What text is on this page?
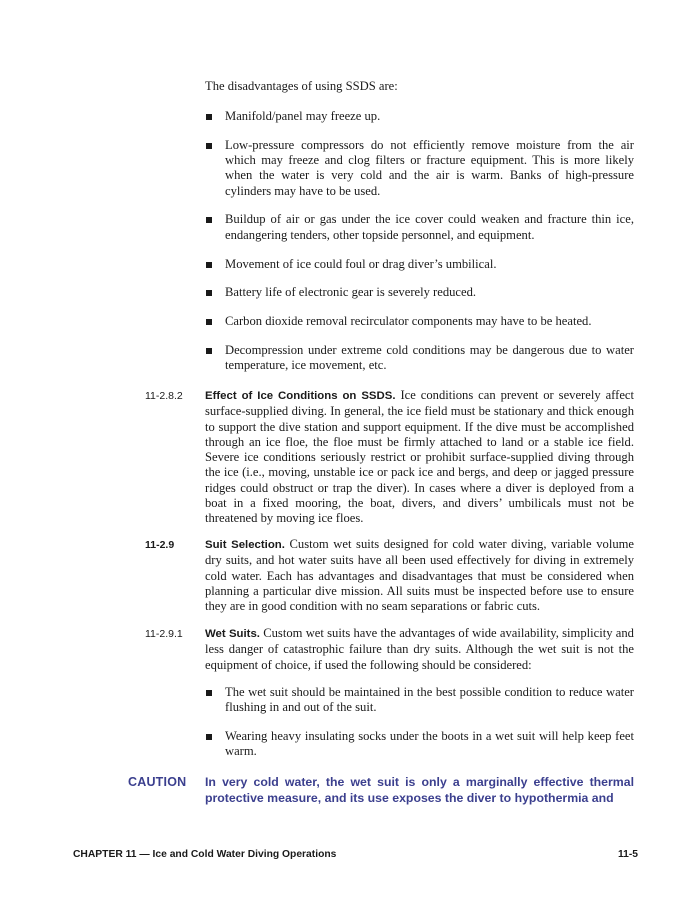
The disadvantages of using SSDS are:
Manifold/panel may freeze up.
Low-pressure compressors do not efficiently remove moisture from the air which may freeze and clog filters or fracture equipment. This is more likely when the water is very cold and the air is warm. Banks of high-pressure cylinders may have to be used.
Buildup of air or gas under the ice cover could weaken and fracture thin ice, endangering tenders, other topside personnel, and equipment.
Movement of ice could foul or drag diver’s umbilical.
Battery life of electronic gear is severely reduced.
Carbon dioxide removal recirculator components may have to be heated.
Decompression under extreme cold conditions may be dangerous due to water temperature, ice movement, etc.
11-2.8.2	Effect of Ice Conditions on SSDS. Ice conditions can prevent or severely affect surface-supplied diving. In general, the ice field must be stationary and thick enough to support the dive station and support equipment. If the dive must be accomplished through an ice floe, the floe must be firmly attached to land or a stable ice field. Severe ice conditions seriously restrict or prohibit surface-supplied diving through the ice (i.e., moving, unstable ice or pack ice and bergs, and deep or jagged pressure ridges could obstruct or trap the diver). In cases where a diver is deployed from a boat in a fixed mooring, the boat, divers, and divers’ umbilicals must not be threatened by moving ice floes.
11-2.9	Suit Selection. Custom wet suits designed for cold water diving, variable volume dry suits, and hot water suits have all been used effectively for diving in extremely cold water. Each has advantages and disadvantages that must be considered when planning a particular dive mission. All suits must be inspected before use to ensure they are in good condition with no seam separations or fabric cuts.
11-2.9.1	Wet Suits. Custom wet suits have the advantages of wide availability, simplicity and less danger of catastrophic failure than dry suits. Although the wet suit is not the equipment of choice, if used the following should be considered:
The wet suit should be maintained in the best possible condition to reduce water flushing in and out of the suit.
Wearing heavy insulating socks under the boots in a wet suit will help keep feet warm.
CAUTION In very cold water, the wet suit is only a marginally effective thermal protective measure, and its use exposes the diver to hypothermia and
CHAPTER 11 — Ice and Cold Water Diving Operations	11-5
